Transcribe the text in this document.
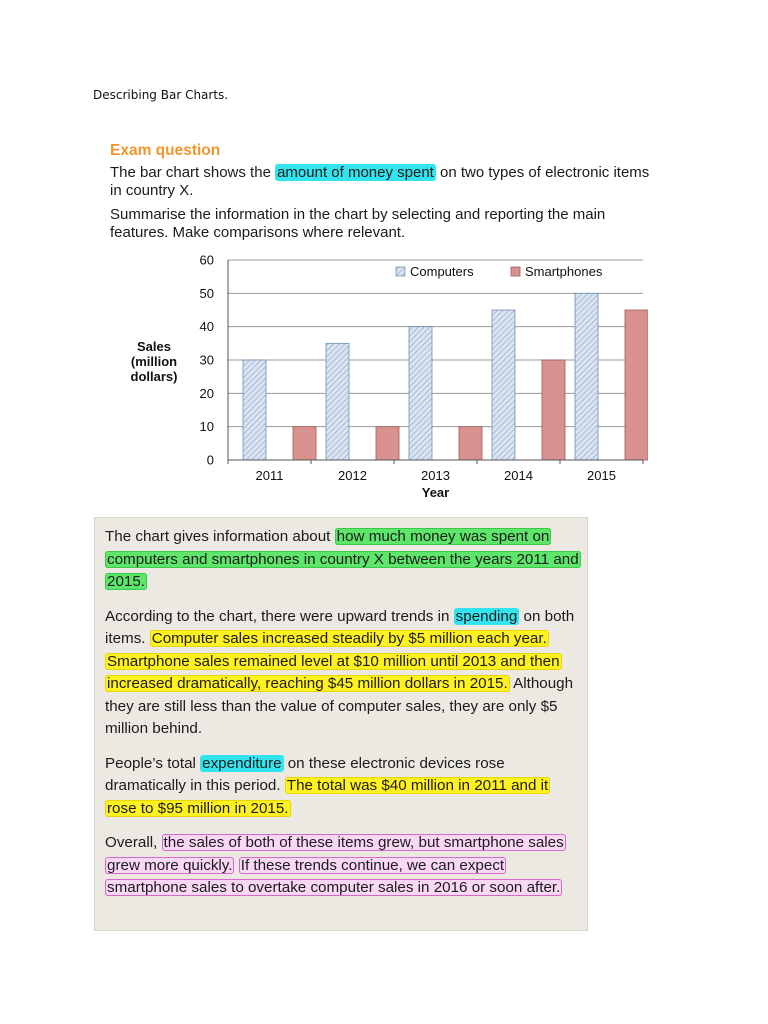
Describing Bar Charts.
Exam question

The bar chart shows the amount of money spent on two types of electronic items in country X.

Summarise the information in the chart by selecting and reporting the main features. Make comparisons where relevant.

0
10
20
30
40
50
60
2011	2012	2013	2014	2015
Year
Sales
(million
dollars)
Computers	Smartphones

The chart gives information about how much money was spent on computers and smartphones in country X between the years 2011 and 2015.

According to the chart, there were upward trends in spending on both items. Computer sales increased steadily by $5 million each year. Smartphone sales remained level at $10 million until 2013 and then increased dramatically, reaching $45 million dollars in 2015. Although they are still less than the value of computer sales, they are only $5 million behind.

People’s total expenditure on these electronic devices rose dramatically in this period. The total was $40 million in 2011 and it rose to $95 million in 2015.

Overall, the sales of both of these items grew, but smartphone sales grew more quickly. If these trends continue, we can expect smartphone sales to overtake computer sales in 2016 or soon after.
